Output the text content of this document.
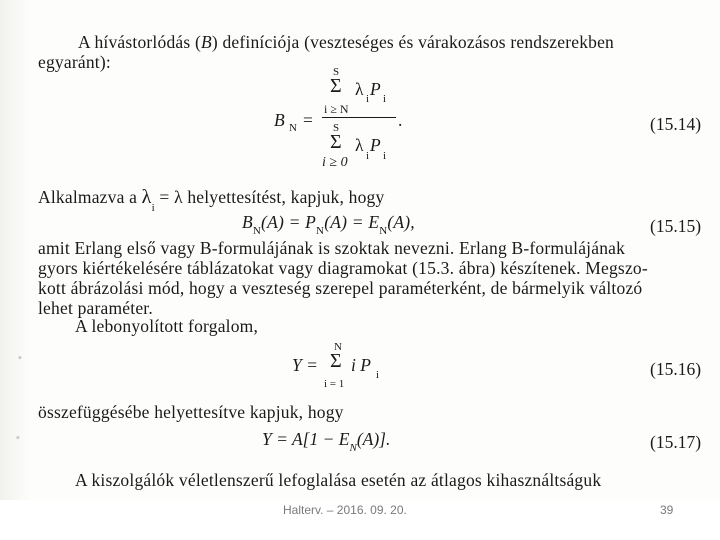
A hívástorlódás (B) definíciója (veszteséges és várakozásos rendszerekben
egyaránt):
B N =
S
Σ λ i P i
i ≥ N
S
Σ λ
i
P
i
i ≥ 0
.	(15.14)
Alkalmazva a $\lambda_i = \lambda$ helyettesítést, kapjuk, hogy
$B_N(A) = P_N(A) = E_N(A)$,	(15.15)
amit Erlang első vagy B-formulájának is szoktak nevezni. Erlang B-formulájának
gyors kiértékelésére táblázatokat vagy diagramokat (15.3. ábra) készítenek. Megszo-
kott ábrázolási mód, hogy a veszteség szerepel paraméterként, de bármelyik változó
lehet paraméter.
A lebonyolított forgalom,
Y =
N
Σ i P i
i = 1
(15.16)
összefüggésébe helyettesítve kapjuk, hogy
$Y = A[1 - E_N(A)]$.	(15.17)
A kiszolgálók véletlenszerű lefoglalása esetén az átlagos kihasználtságuk
▪
▪
Halterv. – 2016. 09. 20.	39
